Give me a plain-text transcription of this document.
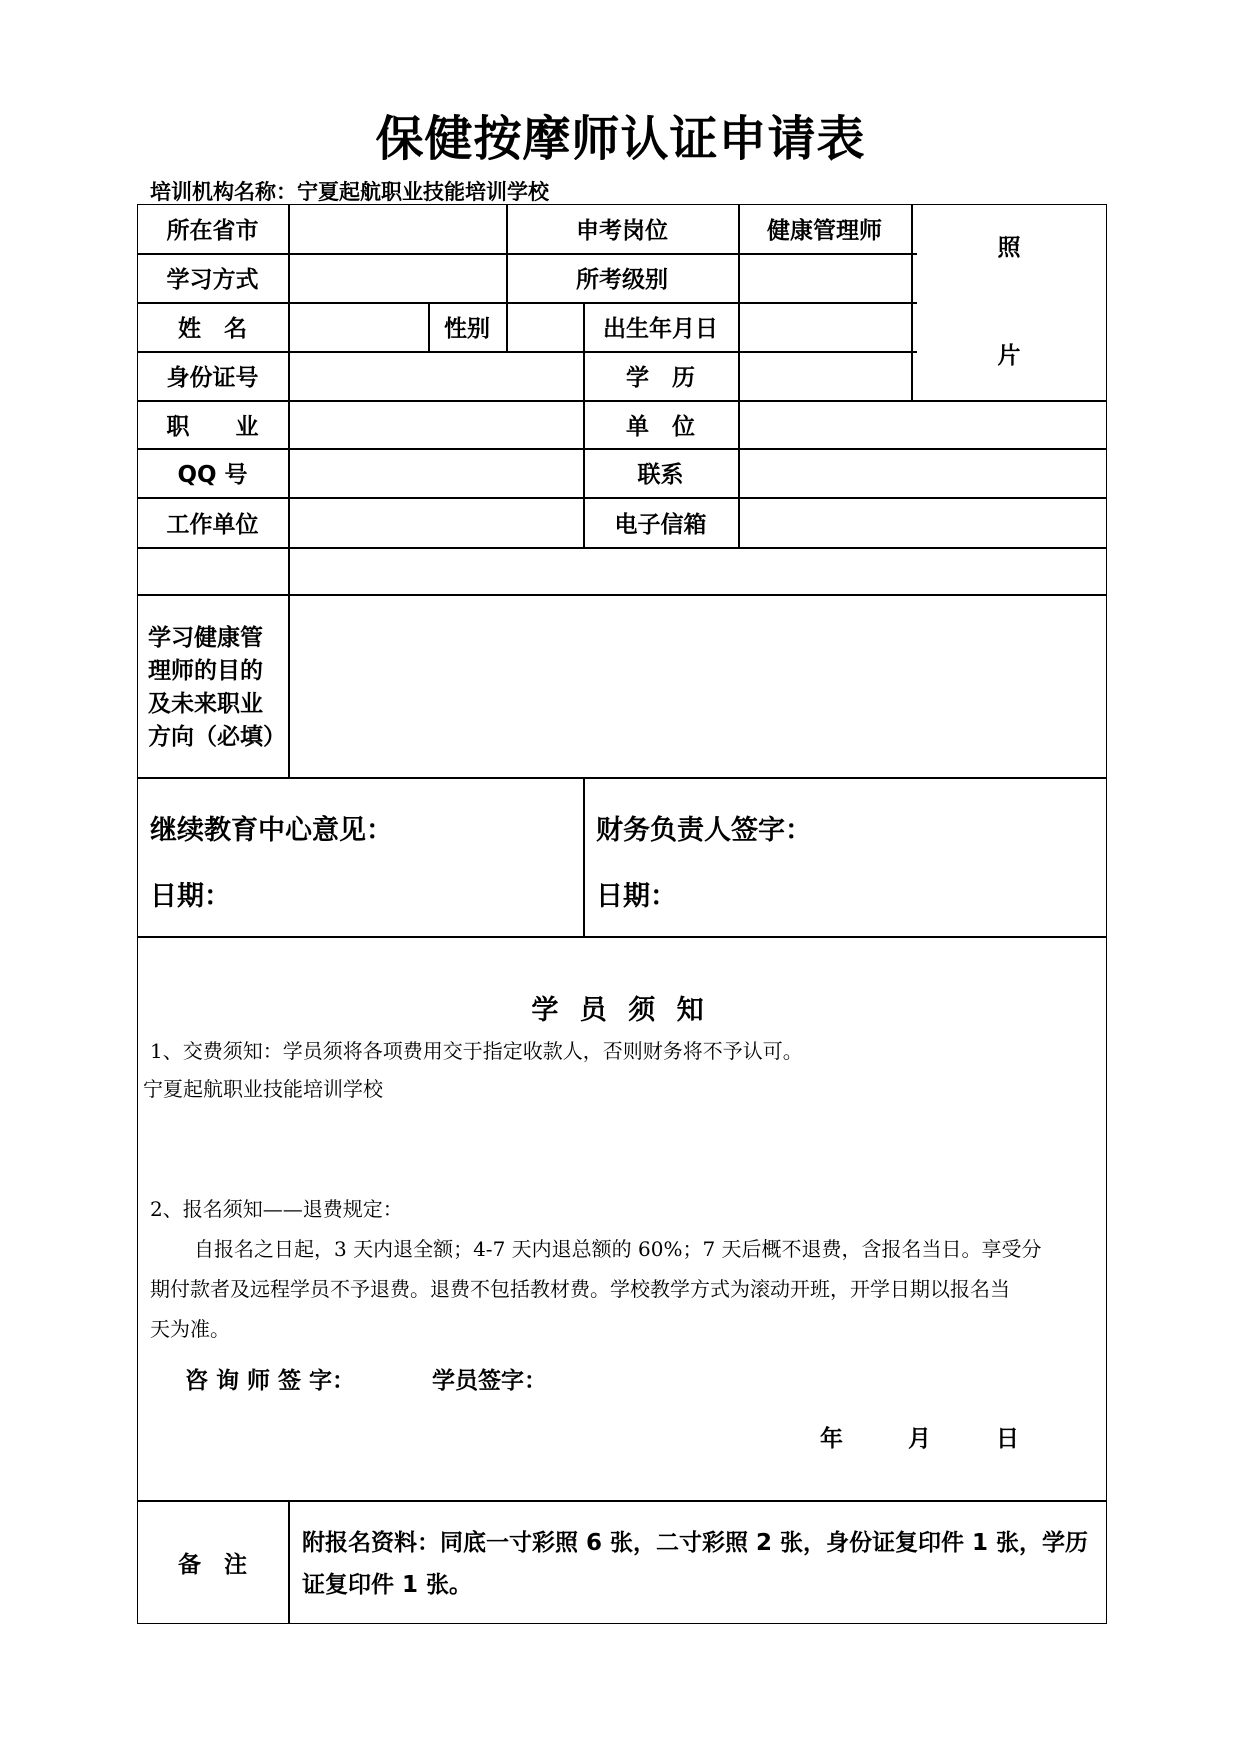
保健按摩师认证申请表
培训机构名称：宁夏起航职业技能培训学校
所在省市	申考岗位	健康管理师
照
片
学习方式	所考级别
姓　名	性别	出生年月日
身份证号	学　历
职　　业	单　位
QQ 号	联系
工作单位	电子信箱
学习健康管理师的目的及未来职业方向（必填）
继续教育中心意见：
日期：
财务负责人签字：
日期：
学 员 须 知
1、交费须知：学员须将各项费用交于指定收款人，否则财务将不予认可。
宁夏起航职业技能培训学校
2、报名须知——退费规定：
自报名之日起，3 天内退全额；4-7 天内退总额的 60%；7 天后概不退费，含报名当日。享受分
期付款者及远程学员不予退费。退费不包括教材费。学校教学方式为滚动开班，开学日期以报名当
天为准。
咨 询 师 签 字：	学员签字：
年	月	日
备　注
附报名资料：同底一寸彩照 6 张，二寸彩照 2 张，身份证复印件 1 张，学历证复印件 1 张。
